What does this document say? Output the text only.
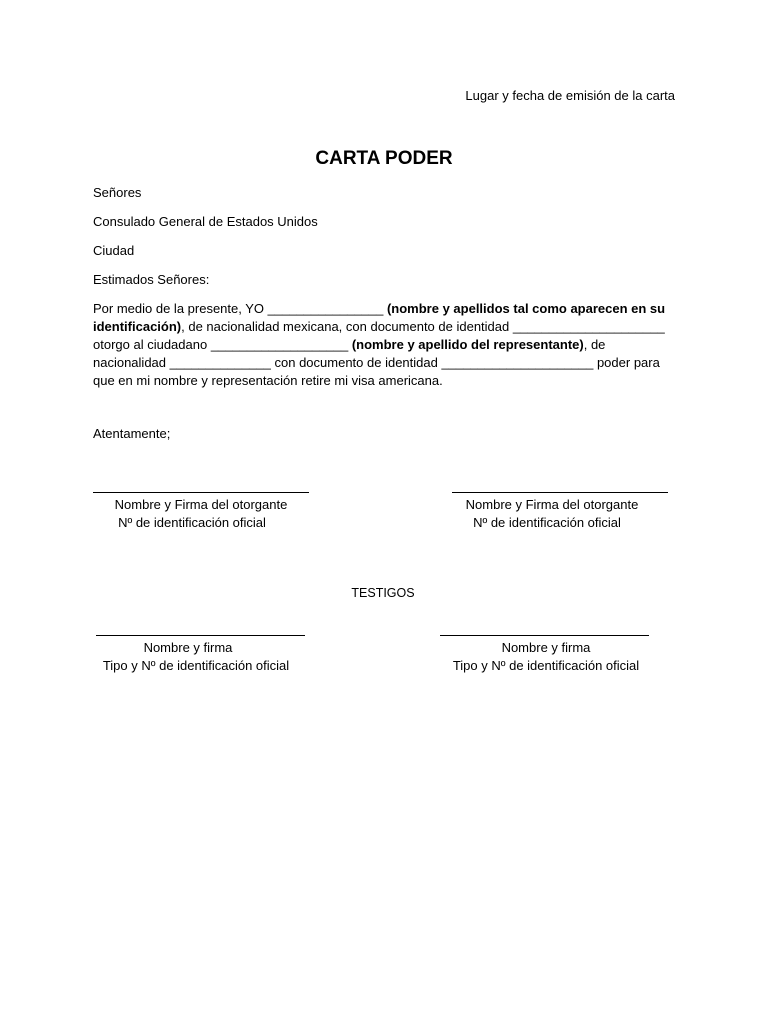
Lugar y fecha de emisión de la carta
CARTA PODER
Señores
Consulado General de Estados Unidos
Ciudad
Estimados Señores:
Por medio de la presente, YO ________________ (nombre y apellidos tal como aparecen en su identificación), de nacionalidad mexicana, con documento de identidad _____________________ otorgo al ciudadano ___________________ (nombre y apellido del representante), de nacionalidad ______________ con documento de identidad _____________________ poder para que en mi nombre y representación retire mi visa americana.
Atentamente;
Nombre y Firma del otorgante
Nº de identificación oficial
Nombre y Firma del otorgante
Nº de identificación oficial
TESTIGOS
Nombre y firma
Tipo y Nº de identificación oficial
Nombre y firma
Tipo y Nº de identificación oficial
